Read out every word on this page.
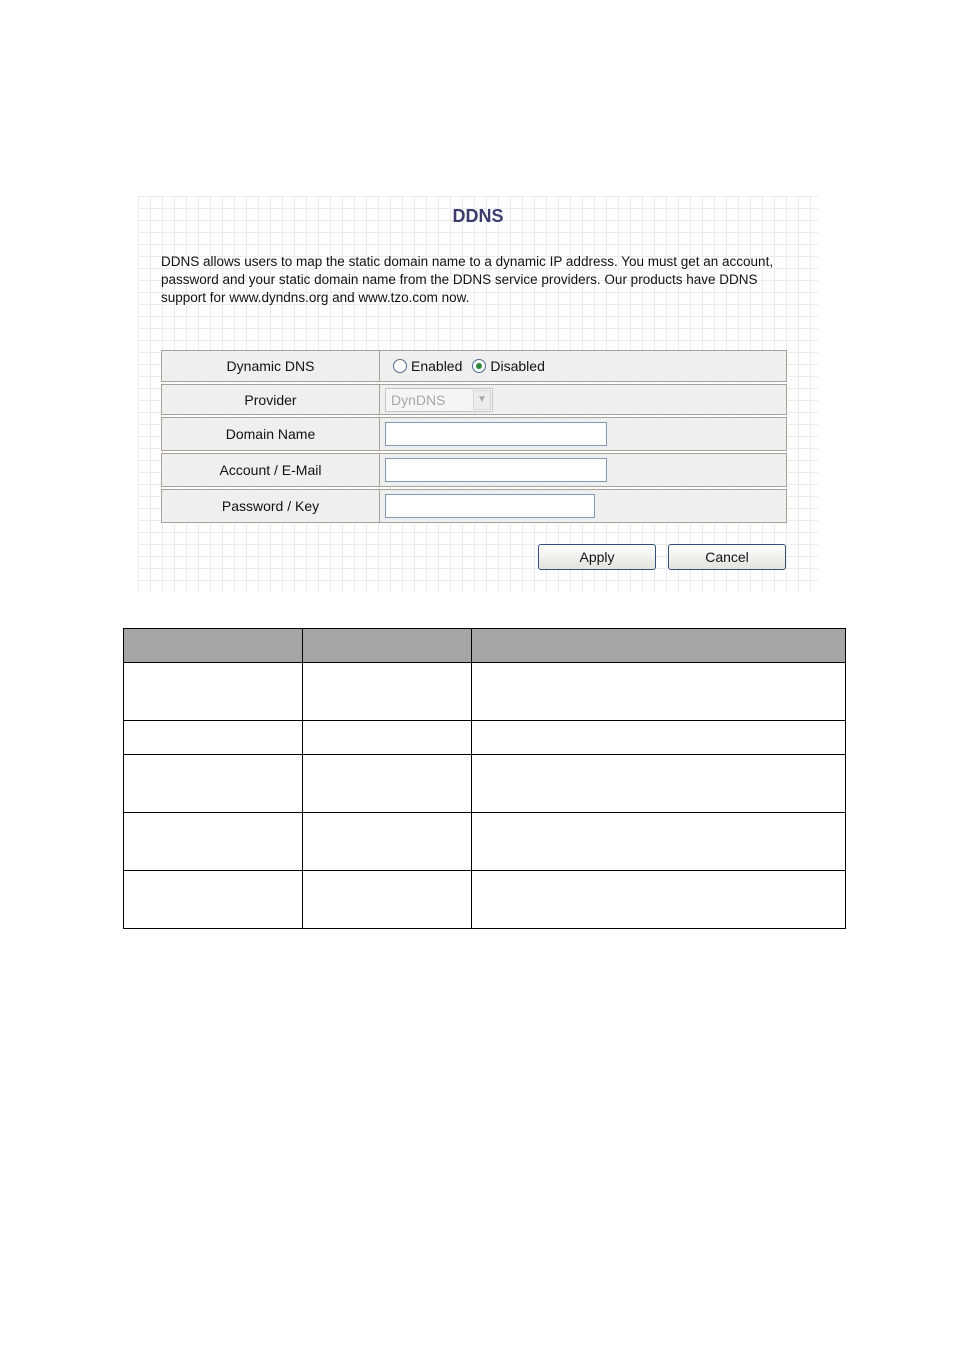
DDNS
DDNS allows users to map the static domain name to a dynamic IP address. You must get an account, password and your static domain name from the DDNS service providers. Our products have DDNS support for www.dyndns.org and www.tzo.com now.
Dynamic DNS	Enabled Disabled

Provider	DynDNS ▼

Domain Name	

Account / E-Mail	

Password / Key	
Apply	Cancel
